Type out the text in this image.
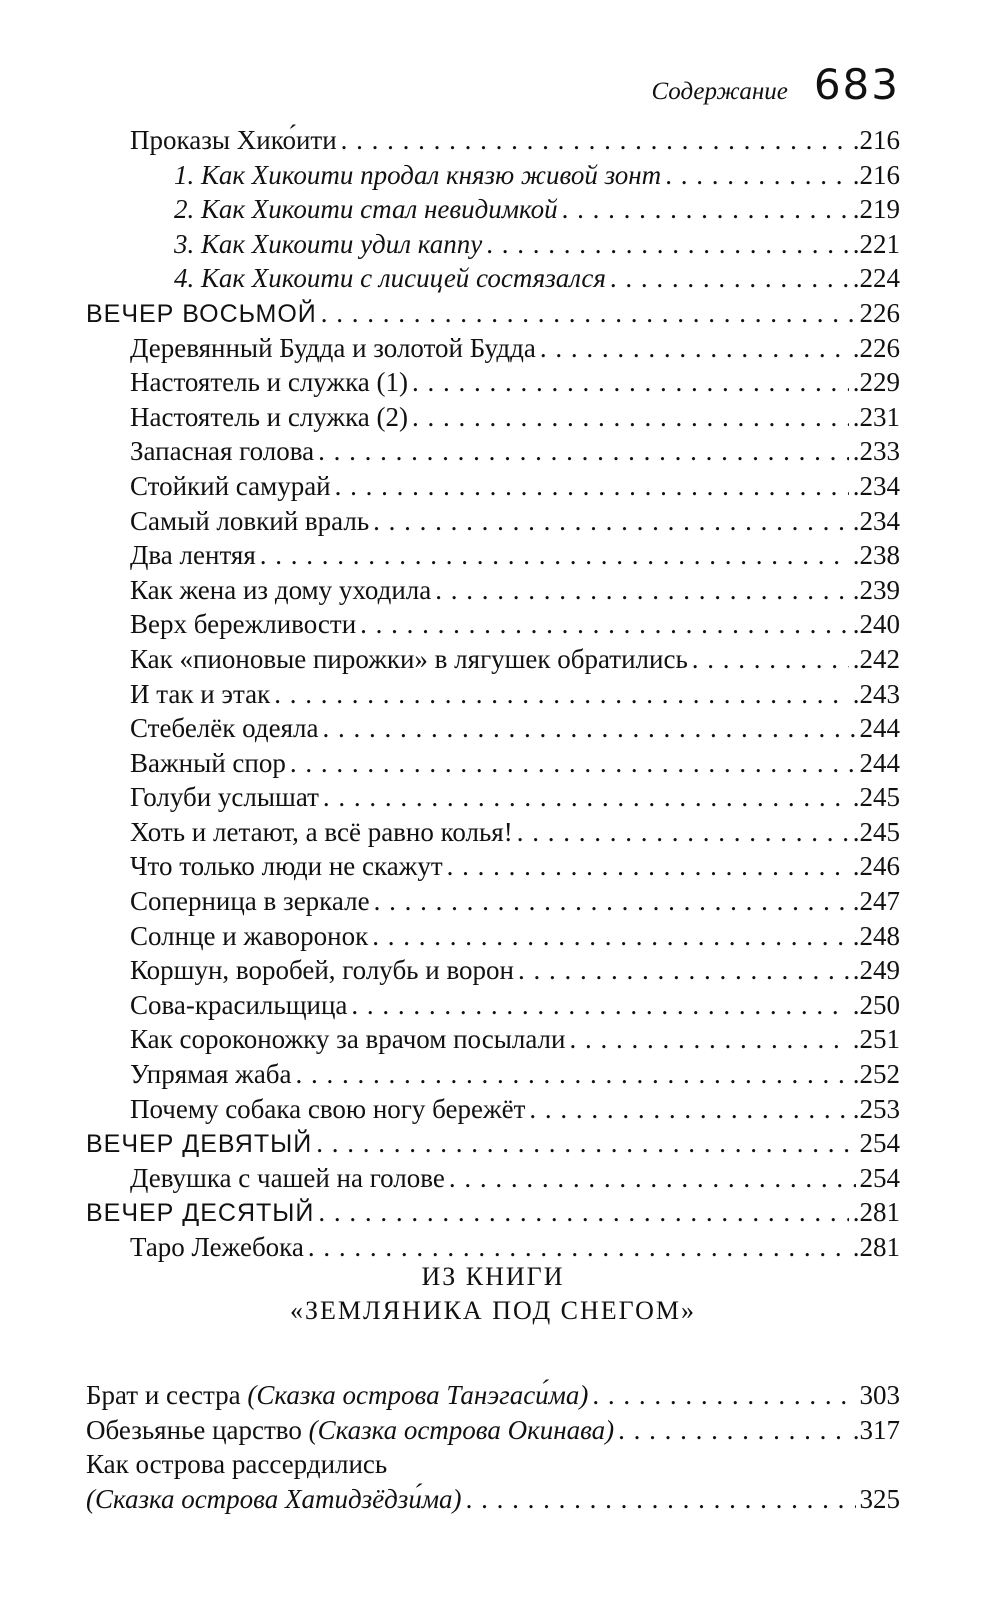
Содержание 683
Проказы Хико́ити . . .	.216
1. Как Хикоити продал князю живой зонт . . .	.216
2. Как Хикоити стал невидимкой . . .	.219
3. Как Хикоити удил каппу . . .	.221
4. Как Хикоити с лисицей состязался . . .	.224
ВЕЧЕР ВОСЬМОЙ . . .	226
Деревянный Будда и золотой Будда . . .	.226
Настоятель и служка (1) . . .	.229
Настоятель и служка (2) . . .	.231
Запасная голова . . .	.233
Стойкий самурай . . .	.234
Самый ловкий враль . . .	.234
Два лентяя . . .	.238
Как жена из дому уходила . . .	.239
Верх бережливости . . .	.240
Как «пионовые пирожки» в лягушек обратились . . .	.242
И так и этак . . .	.243
Стебелёк одеяла . . .	244
Важный спор . . .	244
Голуби услышат . . .	.245
Хоть и летают, а всё равно колья! . . .	.245
Что только люди не скажут . . .	.246
Соперница в зеркале . . .	.247
Солнце и жаворонок . . .	.248
Коршун, воробей, голубь и ворон . . .	.249
Сова-красильщица . . .	.250
Как сороконожку за врачом посылали . . .	.251
Упрямая жаба . . .	.252
Почему собака свою ногу бережёт . . .	.253
ВЕЧЕР ДЕВЯТЫЙ . . .	254
Девушка с чашей на голове . . .	254
ВЕЧЕР ДЕСЯТЫЙ . . .	.281
Таро Лежебока . . .	.281
ИЗ КНИГИ
«ЗЕМЛЯНИКА ПОД СНЕГОМ»
Брат и сестра (Сказка острова Танэгаси́ма) . . .	303
Обезьянье царство (Сказка острова Окинава) . . .	.317
Как острова рассердились
(Сказка острова Хатидзёдзи́ма) . . .	325
